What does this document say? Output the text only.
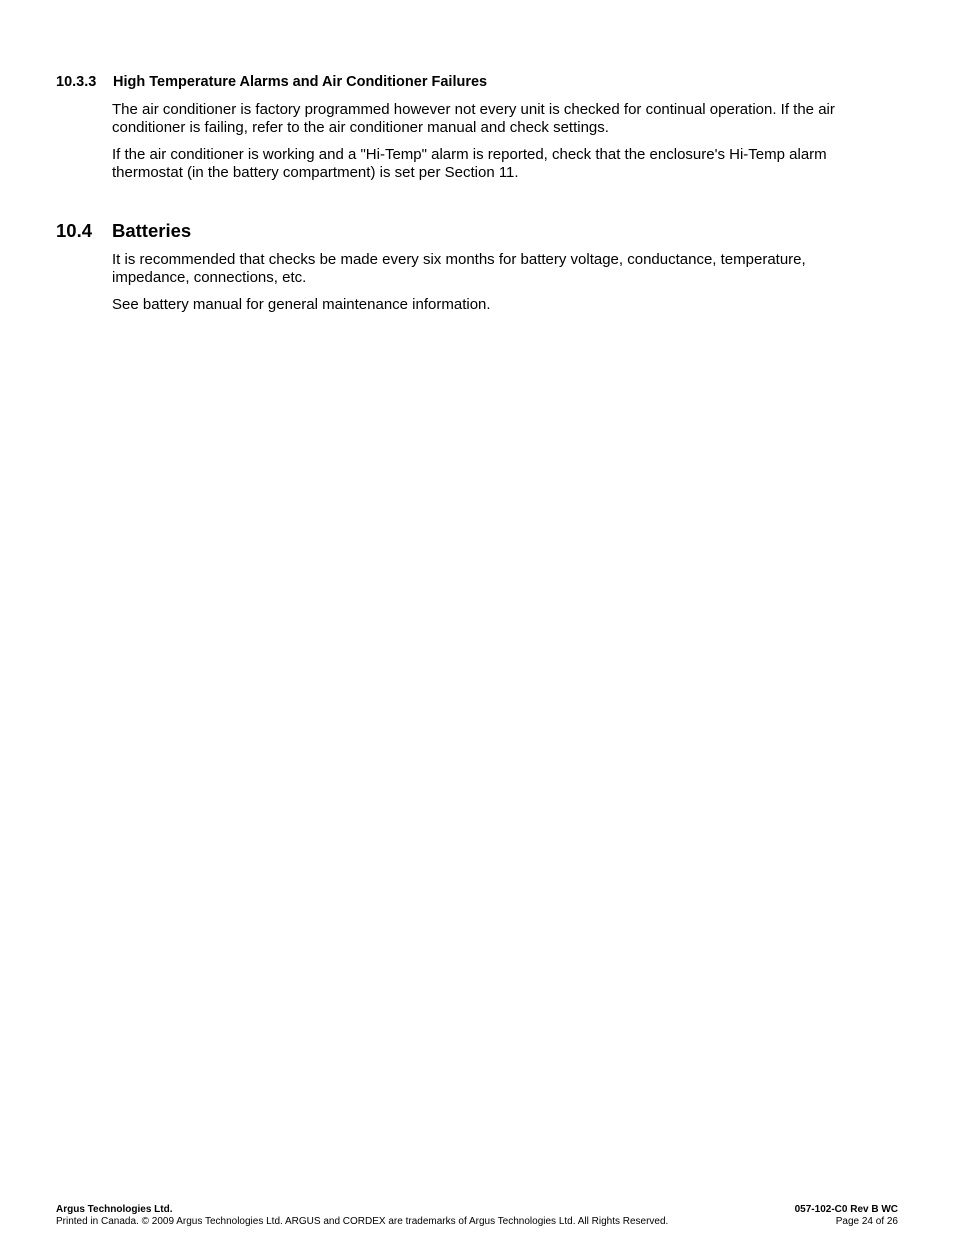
10.3.3 High Temperature Alarms and Air Conditioner Failures

The air conditioner is factory programmed however not every unit is checked for continual operation. If the air conditioner is failing, refer to the air conditioner manual and check settings.

If the air conditioner is working and a "Hi-Temp" alarm is reported, check that the enclosure's Hi-Temp alarm thermostat (in the battery compartment) is set per Section 11.

10.4 Batteries

It is recommended that checks be made every six months for battery voltage, conductance, temperature, impedance, connections, etc.

See battery manual for general maintenance information.

Argus Technologies Ltd.	057-102-C0 Rev B WC
Printed in Canada. © 2009 Argus Technologies Ltd. ARGUS and CORDEX are trademarks of Argus Technologies Ltd. All Rights Reserved.	Page 24 of 26
